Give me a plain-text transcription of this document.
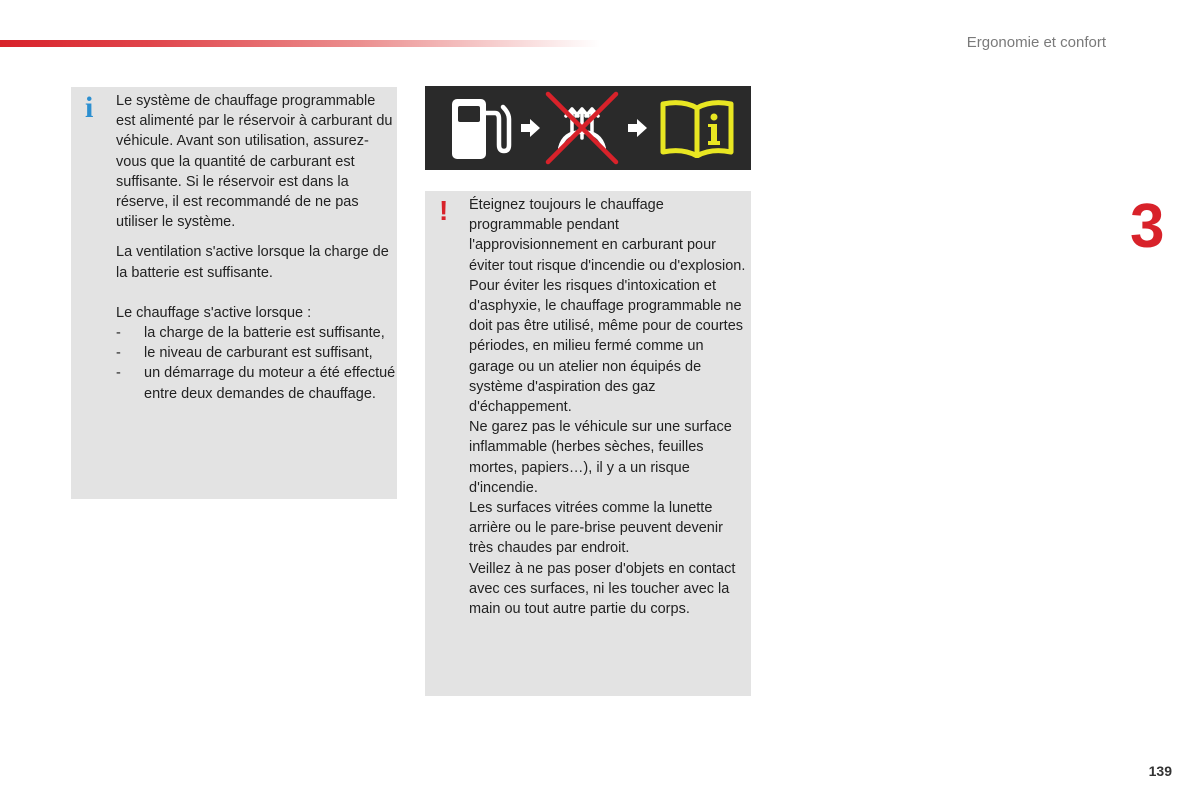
Ergonomie et confort
3
i Le système de chauffage programmable est alimenté par le réservoir à carburant du véhicule. Avant son utilisation, assurez-vous que la quantité de carburant est suffisante. Si le réservoir est dans la réserve, il est recommandé de ne pas utiliser le système.

La ventilation s'active lorsque la charge de la batterie est suffisante.

Le chauffage s'active lorsque :

- la charge de la batterie est suffisante,
- le niveau de carburant est suffisant,
- un démarrage du moteur a été effectué entre deux demandes de chauffage.
! Éteignez toujours le chauffage programmable pendant l'approvisionnement en carburant pour éviter tout risque d'incendie ou d'explosion.

Pour éviter les risques d'intoxication et d'asphyxie, le chauffage programmable ne doit pas être utilisé, même pour de courtes périodes, en milieu fermé comme un garage ou un atelier non équipés de système d'aspiration des gaz d'échappement.

Ne garez pas le véhicule sur une surface inflammable (herbes sèches, feuilles mortes, papiers…), il y a un risque d'incendie.

Les surfaces vitrées comme la lunette arrière ou le pare-brise peuvent devenir très chaudes par endroit.

Veillez à ne pas poser d'objets en contact avec ces surfaces, ni les toucher avec la main ou tout autre partie du corps.

139
